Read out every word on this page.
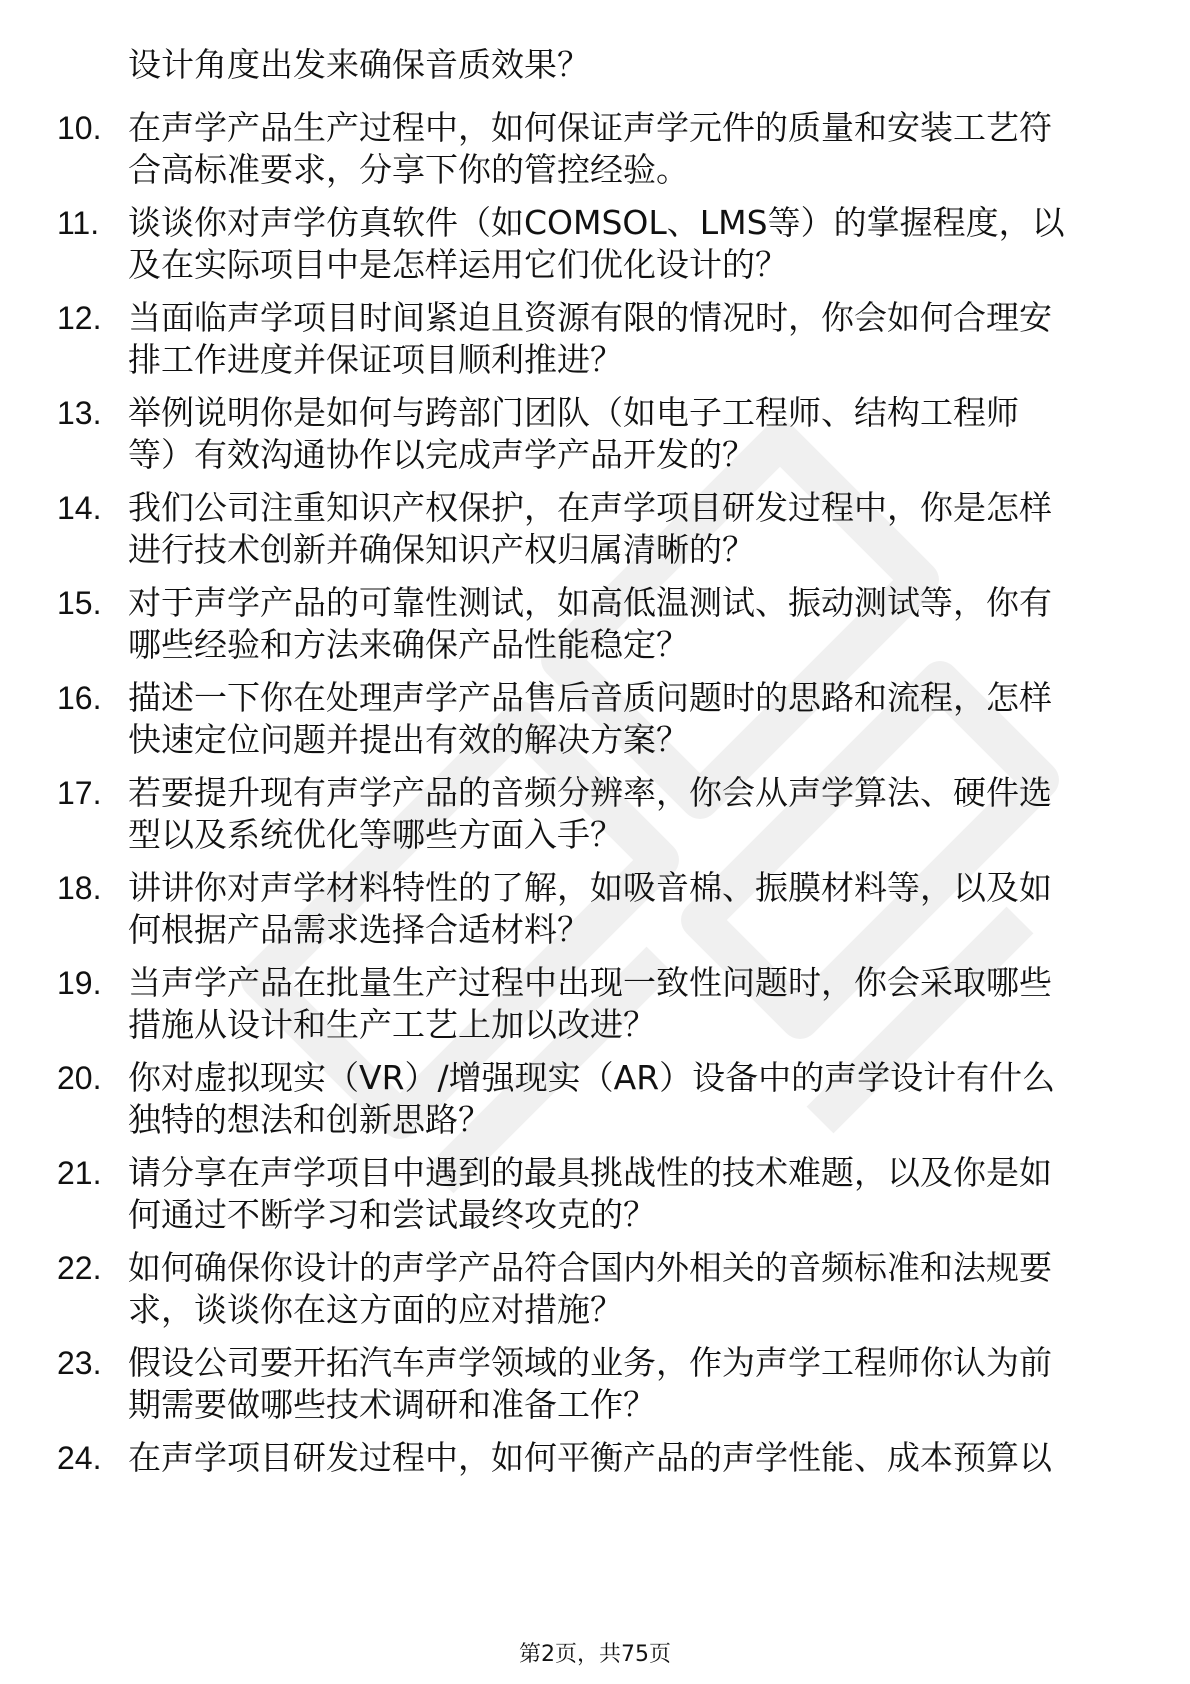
设计角度出发来确保音质效果？
10. 在声学产品生产过程中，如何保证声学元件的质量和安装工艺符
合高标准要求，分享下你的管控经验。
11. 谈谈你对声学仿真软件（如COMSOL、LMS等）的掌握程度，以
及在实际项目中是怎样运用它们优化设计的？
12. 当面临声学项目时间紧迫且资源有限的情况时，你会如何合理安
排工作进度并保证项目顺利推进？
13. 举例说明你是如何与跨部门团队（如电子工程师、结构工程师
等）有效沟通协作以完成声学产品开发的？
14. 我们公司注重知识产权保护，在声学项目研发过程中，你是怎样
进行技术创新并确保知识产权归属清晰的？
15. 对于声学产品的可靠性测试，如高低温测试、振动测试等，你有
哪些经验和方法来确保产品性能稳定？
16. 描述一下你在处理声学产品售后音质问题时的思路和流程，怎样
快速定位问题并提出有效的解决方案？
17. 若要提升现有声学产品的音频分辨率，你会从声学算法、硬件选
型以及系统优化等哪些方面入手？
18. 讲讲你对声学材料特性的了解，如吸音棉、振膜材料等，以及如
何根据产品需求选择合适材料？
19. 当声学产品在批量生产过程中出现一致性问题时，你会采取哪些
措施从设计和生产工艺上加以改进？
20. 你对虚拟现实（VR）/增强现实（AR）设备中的声学设计有什么
独特的想法和创新思路？
21. 请分享在声学项目中遇到的最具挑战性的技术难题，以及你是如
何通过不断学习和尝试最终攻克的？
22. 如何确保你设计的声学产品符合国内外相关的音频标准和法规要
求，谈谈你在这方面的应对措施？
23. 假设公司要开拓汽车声学领域的业务，作为声学工程师你认为前
期需要做哪些技术调研和准备工作？
24. 在声学项目研发过程中，如何平衡产品的声学性能、成本预算以
第2页，共75页
